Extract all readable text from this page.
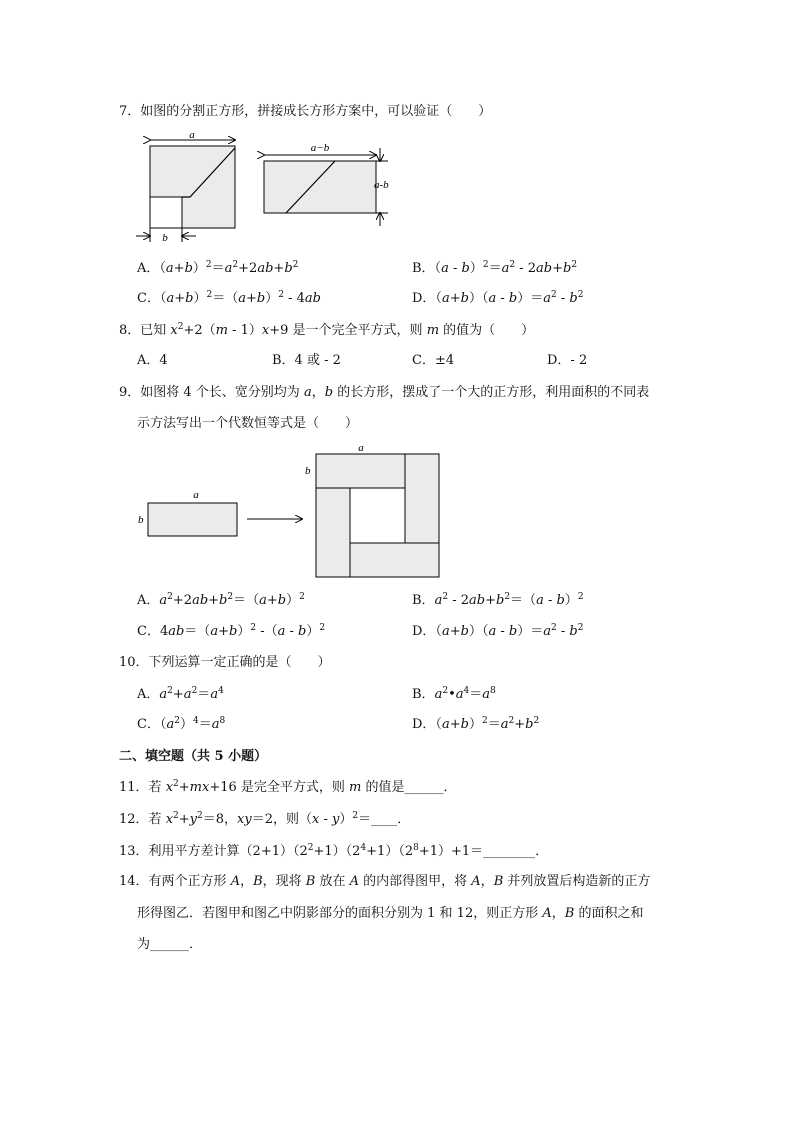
7．如图的分割正方形，拼接成长方形方案中，可以验证（　　）
a
b
a−b
a-b
A．$(a+b)^2=a^2+2ab+b^2$	B．$(a - b)^2=a^2 - 2ab+b^2$
C．$(a+b)^2=(a+b)^2 - 4ab$	D．$(a+b)(a - b)=a^2 - b^2$
8．已知 $x^2+2(m - 1)x+9$ 是一个完全平方式，则 m 的值为（　　）
A．4	B．4 或 - 2	C．±4	D．- 2
9．如图将 4 个长、宽分别均为 a，b 的长方形，摆成了一个大的正方形，利用面积的不同表
示方法写出一个代数恒等式是（　　）
a
b
a
b
A．$a^2+2ab+b^2=(a+b)^2$	B．$a^2 - 2ab+b^2=(a - b)^2$
C．$4ab=(a+b)^2$ -（a - b）$^2$	D．$(a+b)(a - b)=a^2 - b^2$
10．下列运算一定正确的是（　　）
A．$a^2+a^2=a^4$	B．$a^2•a^4=a^8$
C．$(a^2)^4=a^8$	D．$(a+b)^2=a^2+b^2$
二、填空题（共 5 小题）
11．若 $x^2+mx+16$ 是完全平方式，则 m 的值是______．
12．若 $x^2+y^2=8$，xy＝2，则（x - y）$^2$＝____．
13．利用平方差计算$(2+1)(2^2+1)(2^4+1)(2^8+1)+1=\_\_\_\_\_\_\_\_$．
14．有两个正方形 A，B，现将 B 放在 A 的内部得图甲，将 A，B 并列放置后构造新的正方
形得图乙．若图甲和图乙中阴影部分的面积分别为 1 和 12，则正方形 A，B 的面积之和
为______．
